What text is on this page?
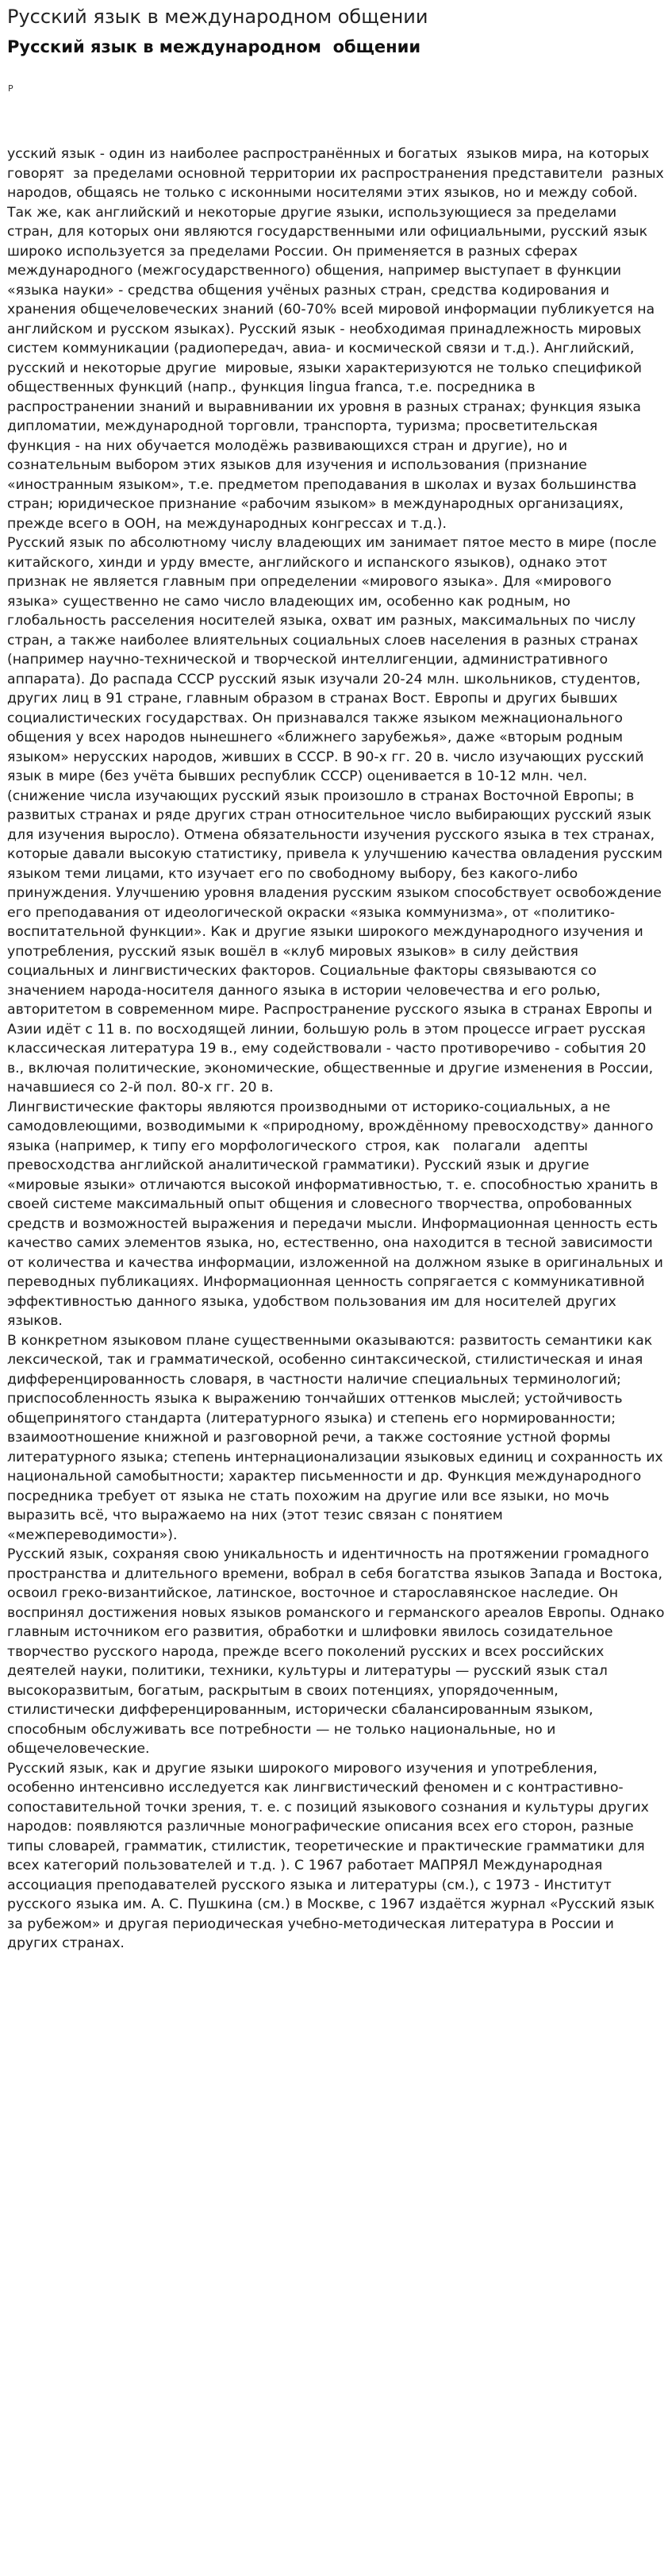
Русский язык в международном общении
Русский язык в международном  общении
Р

усский язык - один из наиболее распространённых и богатых  языков мира, на которых говорят  за пределами основной территории их распространения представители  разных народов, общаясь не только с исконными носителями этих языков, но и между собой.

Так же, как английский и некоторые другие языки, использующиеся за пределами стран, для которых они являются государственными или официальными, русский язык широко используется за пределами России. Он применяется в разных сферах международного (межгосударственного) общения, например выступает в функции «языка науки» - средства общения учёных разных стран, средства кодирования и хранения общечеловеческих знаний (60-70% всей мировой информации публикуется на английском и русском языках). Русский язык - необходимая принадлежность мировых систем коммуникации (радиопередач, авиа- и космической связи и т.д.). Английский, русский и некоторые другие  мировые, языки характеризуются не только спецификой общественных функций (напр., функция lingua franca, т.е. посредника в распространении знаний и выравнивании их уровня в разных странах; функция языка дипломатии, международной торговли, транспорта, туризма; просветительская функция - на них обучается молодёжь развивающихся стран и другие), но и сознательным выбором этих языков для изучения и использования (признание «иностранным языком», т.е. предметом преподавания в школах и вузах большинства стран; юридическое признание «рабочим языком» в международных организациях, прежде всего в ООН, на международных конгрессах и т.д.).

Русский язык по абсолютному числу владеющих им занимает пятое место в мире (после китайского, хинди и урду вместе, английского и испанского языков), однако этот признак не является главным при определении «мирового языка». Для «мирового языка» существенно не само число владеющих им, особенно как родным, но глобальность расселения носителей языка, охват им разных, максимальных по числу стран, а также наиболее влиятельных социальных слоев населения в разных странах (например научно-технической и творческой интеллигенции, административного аппарата). До распада СССР русский язык изучали 20-24 млн. школьников, студентов, других лиц в 91 стране, главным образом в странах Вост. Европы и других бывших социалистических государствах. Он признавался также языком межнационального общения у всех народов нынешнего «ближнего зарубежья», даже «вторым родным языком» нерусских народов, живших в СССР. В 90-х гг. 20 в. число изучающих русский язык в мире (без учёта бывших республик СССР) оценивается в 10-12 млн. чел. (снижение числа изучающих русский язык произошло в странах Восточной Европы; в развитых странах и ряде других стран относительное число выбирающих русский язык для изучения выросло). Отмена обязательности изучения русского языка в тех странах, которые давали высокую статистику, привела к улучшению качества овладения русским языком теми лицами, кто изучает его по свободному выбору, без какого-либо принуждения. Улучшению уровня владения русским языком способствует освобождение его преподавания от идеологической окраски «языка коммунизма», от «политико-воспитательной функции». Как и другие языки широкого международного изучения и употребления, русский язык вошёл в «клуб мировых языков» в силу действия социальных и лингвистических факторов. Социальные факторы связываются со значением народа-носителя данного языка в истории человечества и его ролью, авторитетом в современном мире. Распространение русского языка в странах Европы и Азии идёт с 11 в. по восходящей линии, большую роль в этом процессе играет русская классическая литература 19 в., ему содействовали - часто противоречиво - события 20 в., включая политические, экономические, общественные и другие изменения в России, начавшиеся со 2-й пол. 80-х гг. 20 в.

Лингвистические факторы являются производными от историко-социальных, а не самодовлеющими, возводимыми к «природному, врождённому превосходству» данного языка (например, к типу его морфологического  строя, как   полагали   адепты превосходства английской аналитической грамматики). Русский язык и другие «мировые языки» отличаются высокой информативностью, т. е. способностью хранить в своей системе максимальный опыт общения и словесного творчества, опробованных средств и возможностей выражения и передачи мысли. Информационная ценность есть качество самих элементов языка, но, естественно, она находится в тесной зависимости от количества и качества информации, изложенной на должном языке в оригинальных и переводных публикациях. Информационная ценность сопрягается с коммуникативной эффективностью данного языка, удобством пользования им для носителей других языков.

В конкретном языковом плане существенными оказываются: развитость семантики как лексической, так и грамматической, особенно синтаксической, стилистическая и иная дифференцированность словаря, в частности наличие специальных терминологий; приспособленность языка к выражению тончайших оттенков мыслей; устойчивость общепринятого стандарта (литературного языка) и степень его нормированности; взаимоотношение книжной и разговорной речи, а также состояние устной формы литературного языка; степень интернационализации языковых единиц и сохранность их национальной самобытности; характер письменности и др. Функция международного посредника требует от языка не стать похожим на другие или все языки, но мочь выразить всё, что выражаемо на них (этот тезис связан с понятием «межпереводимости»).

Русский язык, сохраняя свою уникальность и идентичность на протяжении громадного пространства и длительного времени, вобрал в себя богатства языков Запада и Востока, освоил греко-византийское, латинское, восточное и старославянское наследие. Он воспринял достижения новых языков романского и германского ареалов Европы. Однако главным источником его развития, обработки и шлифовки явилось созидательное творчество русского народа, прежде всего поколений русских и всех российских деятелей науки, политики, техники, культуры и литературы — русский язык стал высокоразвитым, богатым, раскрытым в своих потенциях, упорядоченным, стилистически дифференцированным, исторически сбалансированным языком, способным обслуживать все потребности — не только национальные, но и общечеловеческие.

Русский язык, как и другие языки широкого мирового изучения и употребления, особенно интенсивно исследуется как лингвистический феномен и с контрастивно-сопоставительной точки зрения, т. е. с позиций языкового сознания и культуры других народов: появляются различные монографические описания всех его сторон, разные типы словарей, грамматик, стилистик, теоретические и практические грамматики для всех категорий пользователей и т.д. ). С 1967 работает МАПРЯЛ Международная ассоциация преподавателей русского языка и литературы (см.), с 1973 - Институт русского языка им. А. С. Пушкина (см.) в Москве, с 1967 издаётся журнал «Русский язык за рубежом» и другая периодическая учебно-методическая литература в России и других странах.
